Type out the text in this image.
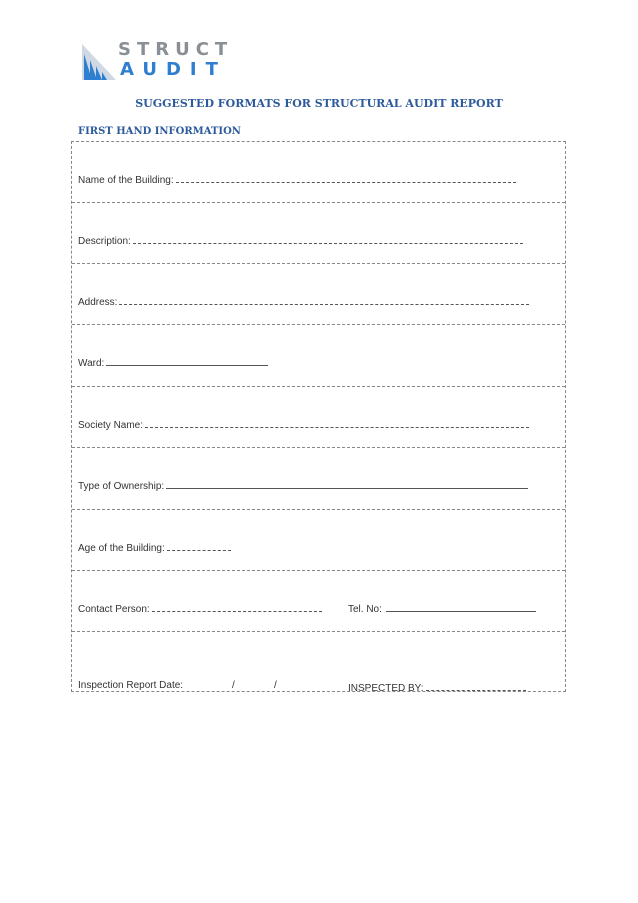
STRUCT
AUDIT
SUGGESTED FORMATS FOR STRUCTURAL AUDIT REPORT
FIRST HAND INFORMATION
Name of the Building:
Description:
Address:
Ward:
Society Name:
Type of Ownership:
Age of the Building:
Contact Person:	Tel. No:
Inspection Report Date:	/	/	INSPECTED BY:
